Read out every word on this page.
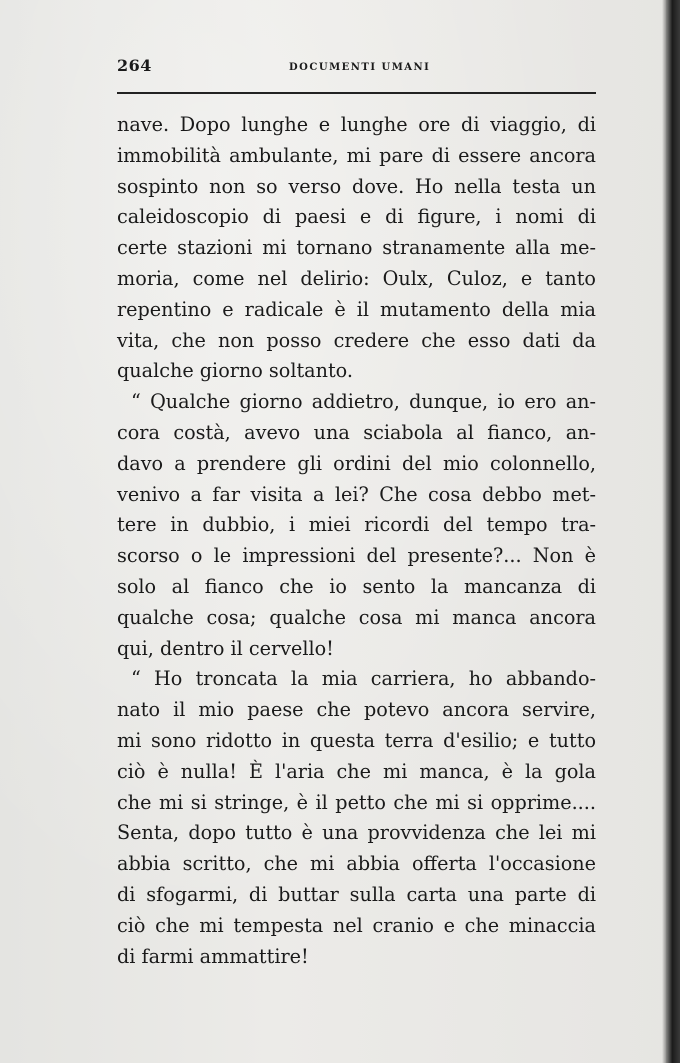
264	DOCUMENTI UMANI
nave. Dopo lunghe e lunghe ore di viaggio, di
immobilità ambulante, mi pare di essere ancora
sospinto non so verso dove. Ho nella testa un
caleidoscopio di paesi e di figure, i nomi di
certe stazioni mi tornano stranamente alla me-
moria, come nel delirio: Oulx, Culoz, e tanto
repentino e radicale è il mutamento della mia
vita, che non posso credere che esso dati da
qualche giorno soltanto.
“ Qualche giorno addietro, dunque, io ero an-
cora costà, avevo una sciabola al fianco, an-
davo a prendere gli ordini del mio colonnello,
venivo a far visita a lei? Che cosa debbo met-
tere in dubbio, i miei ricordi del tempo tra-
scorso o le impressioni del presente?... Non è
solo al fianco che io sento la mancanza di
qualche cosa; qualche cosa mi manca ancora
qui, dentro il cervello!
“ Ho troncata la mia carriera, ho abbando-
nato il mio paese che potevo ancora servire,
mi sono ridotto in questa terra d'esilio; e tutto
ciò è nulla! È l'aria che mi manca, è la gola
che mi si stringe, è il petto che mi si opprime....
Senta, dopo tutto è una provvidenza che lei mi
abbia scritto, che mi abbia offerta l'occasione
di sfogarmi, di buttar sulla carta una parte di
ciò che mi tempesta nel cranio e che minaccia
di farmi ammattire!
